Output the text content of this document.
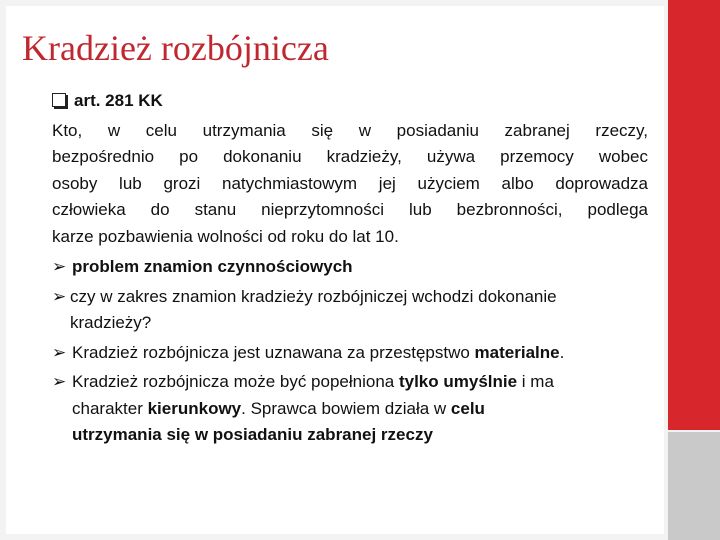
Kradzież rozbójnicza
art. 281 KK
Kto, w celu utrzymania się w posiadaniu zabranej rzeczy,
bezpośrednio po dokonaniu kradzieży, używa przemocy wobec
osoby lub grozi natychmiastowym jej użyciem albo doprowadza
człowieka do stanu nieprzytomności lub bezbronności, podlega
karze pozbawienia wolności od roku do lat 10.
➢ problem znamion czynnościowych
➢ czy w zakres znamion kradzieży rozbójniczej wchodzi dokonanie
kradzieży?
➢ Kradzież rozbójnicza jest uznawana za przestępstwo materialne.
➢ Kradzież rozbójnicza może być popełniona tylko umyślnie i ma
charakter kierunkowy. Sprawca bowiem działa w celu
utrzymania się w posiadaniu zabranej rzeczy
